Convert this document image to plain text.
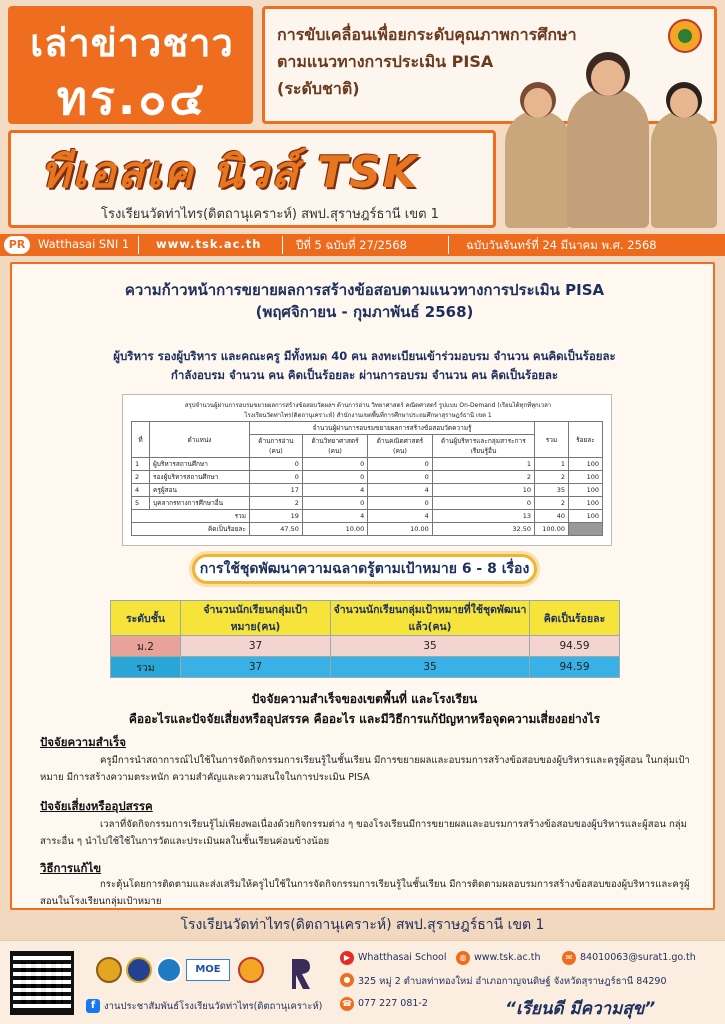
เล่าข่าวชาว
ทร.๐๔
การขับเคลื่อนเพื่อยกระดับคุณภาพการศึกษา
ตามแนวทางการประเมิน PISA
(ระดับชาติ)
ทีเอสเค นิวส์ TSK
โรงเรียนวัดท่าไทร(ดิตถานุเคราะห์) สพป.สุราษฎร์ธานี เขต 1
PR	Watthasai SNI 1 www.tsk.ac.th	ปีที่ 5 ฉบับที่ 27/2568	ฉบับวันจันทร์ที่ 24 มีนาคม พ.ศ. 2568
ความก้าวหน้าการขยายผลการสร้างข้อสอบตามแนวทางการประเมิน PISA
(พฤศจิกายน - กุมภาพันธ์ 2568)
ผู้บริหาร รองผู้บริหาร และคณะครู มีทั้งหมด 40 คน ลงทะเบียนเข้าร่วมอบรม จำนวน คนคิดเป็นร้อยละ
กำลังอบรม จำนวน คน คิดเป็นร้อยละ ผ่านการอบรม จำนวน คน คิดเป็นร้อยละ
สรุปจำนวนผู้ผ่านการอบรมขยายผลการสร้างข้อสอบวัดผลฯ ด้านการอ่าน วิทยาศาสตร์ คณิตศาสตร์ รูปแบบ On-Demand (เรียนได้ทุกที่ทุกเวลา
โรงเรียนวัดท่าไทร(ดิตถานุเคราะห์) สำนักงานเขตพื้นที่การศึกษาประถมศึกษาสุราษฎร์ธานี เขต 1
ที่	ตำแหน่ง	จำนวนผู้ผ่านการอบรมขยายผลการสร้างข้อสอบวัดความรู้				รวม	ร้อยละ
		ด้านการอ่าน (คน)	ด้านวิทยาศาสตร์ (คน)	ด้านคณิตศาสตร์ (คน)	ด้านผู้บริหารและกลุ่มสาระการเรียนรู้อื่น		
1	ผู้บริหารสถานศึกษา	0	0	0	1	1	100
2	รองผู้บริหารสถานศึกษา	0	0	0	2	2	100
4	ครูผู้สอน	17	4	4	10	35	100
5	บุคลากรทางการศึกษาอื่น	2	0	0	0	2	100
รวม		19	4	4	13	40	100
คิดเป็นร้อยละ		47.50	10.00	10.00	32.50	100.00	
การใช้ชุดพัฒนาความฉลาดรู้ตามเป้าหมาย 6 - 8 เรื่อง
ระดับชั้น	จำนวนนักเรียนกลุ่มเป้าหมาย(คน)	จำนวนนักเรียนกลุ่มเป้าหมายที่ใช้ชุดพัฒนาแล้ว(คน)	คิดเป็นร้อยละ
ม.2	37	35	94.59
รวม	37	35	94.59
ปัจจัยความสำเร็จของเขตพื้นที่ และโรงเรียน
คืออะไรและปัจจัยเสี่ยงหรืออุปสรรค คืออะไร และมีวิธีการแก้ปัญหาหรือจุดความเสี่ยงอย่างไร
ปัจจัยความสำเร็จ
ครูมีการนำสถาการณ์ไปใช้ในการจัดกิจกรรมการเรียนรู้ในชั้นเรียน มีการขยายผลและอบรมการสร้างข้อสอบของผู้บริหารและครูผู้สอน ในกลุ่มเป้าหมาย มีการสร้างความตระหนัก ความสำคัญและความสนใจในการประเมิน PISA
ปัจจัยเสี่ยงหรืออุปสรรค
เวลาที่จัดกิจกรรมการเรียนรู้ไม่เพียงพอเนื่องด้วยกิจกรรมต่าง ๆ ของโรงเรียนมีการขยายผลและอบรมการสร้างข้อสอบของผู้บริหารและผู้สอน กลุ่มสาระอื่น ๆ นำไปใช้ใช้ในการวัดและประเมินผลในชั้นเรียนค่อนข้างน้อย
วิธีการแก้ไข
กระตุ้นโดยการติดตามและส่งเสริมให้ครูไปใช้ในการจัดกิจกรรมการเรียนรู้ในชั้นเรียน มีการติดตามผลอบรมการสร้างข้อสอบของผู้บริหารและครูผู้สอนในโรงเรียนกลุ่มเป้าหมาย
โรงเรียนวัดท่าไทร(ดิตถานุเคราะห์) สพป.สุราษฎร์ธานี เขต 1
MOE
f งานประชาสัมพันธ์โรงเรียนวัดท่าไทร(ดิตถานุเคราะห์)
▶ Whatthasai School	◍ www.tsk.ac.th	✉ 84010063@surat1.go.th
● 325 หมู่ 2 ตำบลท่าทองใหม่ อำเภอกาญจนดิษฐ์ จังหวัดสุราษฎร์ธานี 84290
☎ 077 227 081-2	“เรียนดี มีความสุข”
